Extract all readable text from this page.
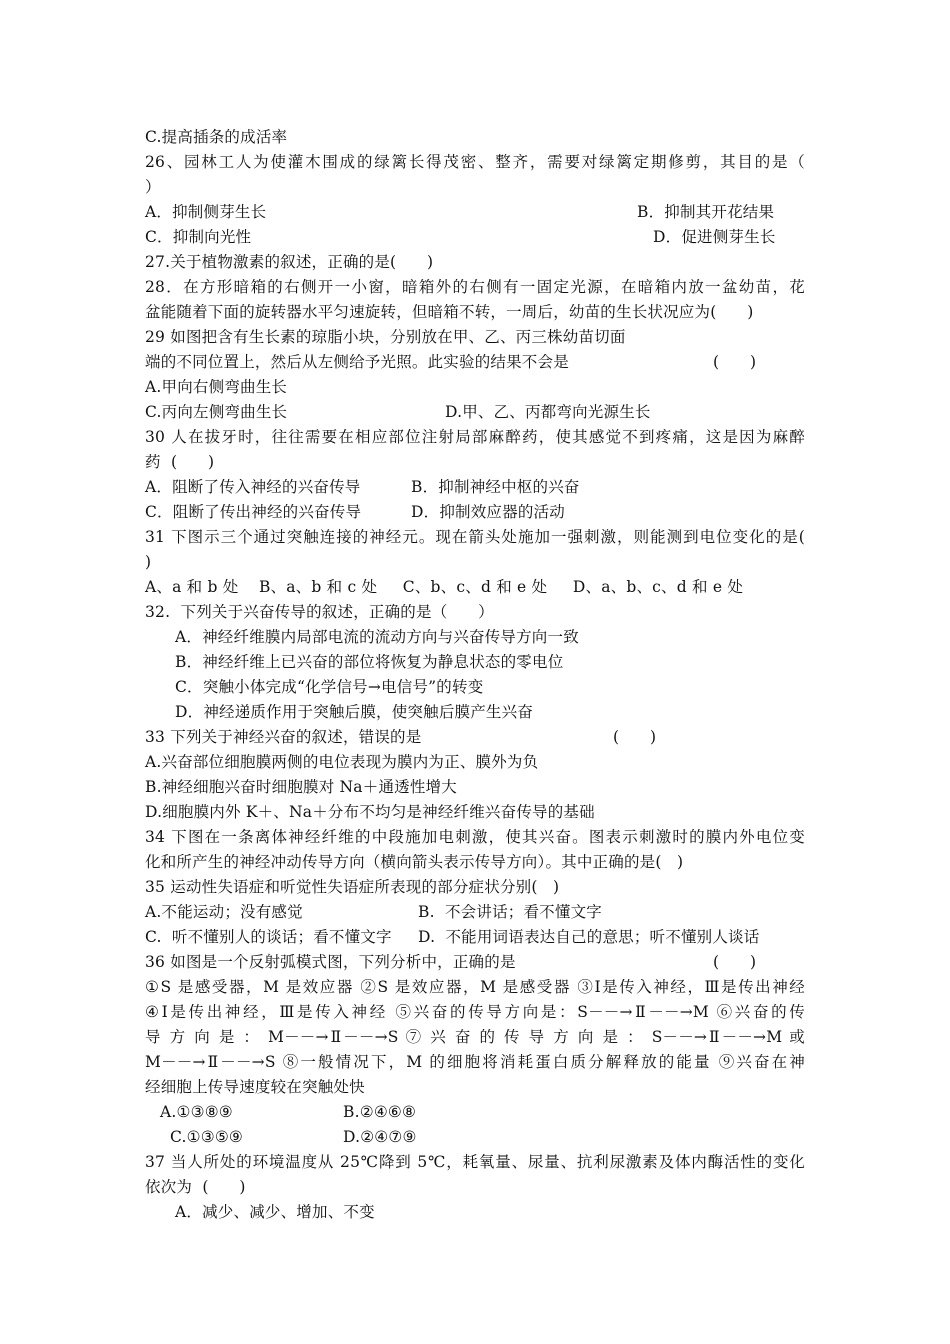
C.提高插条的成活率
26、园林工人为使灌木围成的绿篱长得茂密、整齐，需要对绿篱定期修剪，其目的是（
）
A．抑制侧芽生长	B．抑制其开花结果
C．抑制向光性	D．促进侧芽生长
27.关于植物激素的叙述，正确的是(      )
28．在方形暗箱的右侧开一小窗，暗箱外的右侧有一固定光源，在暗箱内放一盆幼苗，花
盆能随着下面的旋转器水平匀速旋转，但暗箱不转，一周后，幼苗的生长状况应为(      )
29 如图把含有生长素的琼脂小块，分别放在甲、乙、丙三株幼苗切面
端的不同位置上，然后从左侧给予光照。此实验的结果不会是	(      )
A.甲向右侧弯曲生长
C.丙向左侧弯曲生长	D.甲、乙、丙都弯向光源生长
30 人在拔牙时，往往需要在相应部位注射局部麻醉药，使其感觉不到疼痛，这是因为麻醉
药  (      )
A．阻断了传入神经的兴奋传导	B．抑制神经中枢的兴奋
C．阻断了传出神经的兴奋传导	D．抑制效应器的活动
31 下图示三个通过突触连接的神经元。现在箭头处施加一强刺激，则能测到电位变化的是(
)
A、a 和 b 处    B、a、b 和 c 处     C、b、c、d 和 e 处     D、a、b、c、d 和 e 处
32.  下列关于兴奋传导的叙述，正确的是（      ）
A．神经纤维膜内局部电流的流动方向与兴奋传导方向一致
B．神经纤维上已兴奋的部位将恢复为静息状态的零电位
C．突触小体完成“化学信号→电信号”的转变
D．神经递质作用于突触后膜，使突触后膜产生兴奋
33 下列关于神经兴奋的叙述，错误的是	(      )
A.兴奋部位细胞膜两侧的电位表现为膜内为正、膜外为负
B.神经细胞兴奋时细胞膜对 Na＋通透性增大
D.细胞膜内外 K＋、Na＋分布不均匀是神经纤维兴奋传导的基础
34 下图在一条离体神经纤维的中段施加电刺激，使其兴奋。图表示刺激时的膜内外电位变
化和所产生的神经冲动传导方向（横向箭头表示传导方向）。其中正确的是(   )
35 运动性失语症和听觉性失语症所表现的部分症状分别(   )
A.不能运动；没有感觉	B.  不会讲话；看不懂文字
C.  听不懂别人的谈话；看不懂文字 D.  不能用词语表达自己的意思；听不懂别人谈话
36 如图是一个反射弧模式图，下列分析中，正确的是	(      )
①S 是感受器，M 是效应器 ②S 是效应器，M 是感受器 ③Ⅰ是传入神经，Ⅲ是传出神经
④Ⅰ是传出神经，Ⅲ是传入神经 ⑤兴奋的传导方向是：S－－→Ⅱ－－→M ⑥兴奋的传
导 方 向 是 ： M－－→Ⅱ－－→S ⑦ 兴 奋 的 传 导 方 向 是 ： S－－→Ⅱ－－→M 或
M－－→Ⅱ－－→S ⑧一般情况下，M 的细胞将消耗蛋白质分解释放的能量 ⑨兴奋在神
经细胞上传导速度较在突触处快
A.①③⑧⑨	B.②④⑥⑧
C.①③⑤⑨	D.②④⑦⑨
37 当人所处的环境温度从 25℃降到 5℃，耗氧量、尿量、抗利尿激素及体内酶活性的变化
依次为  (      )
A．减少、减少、增加、不变
